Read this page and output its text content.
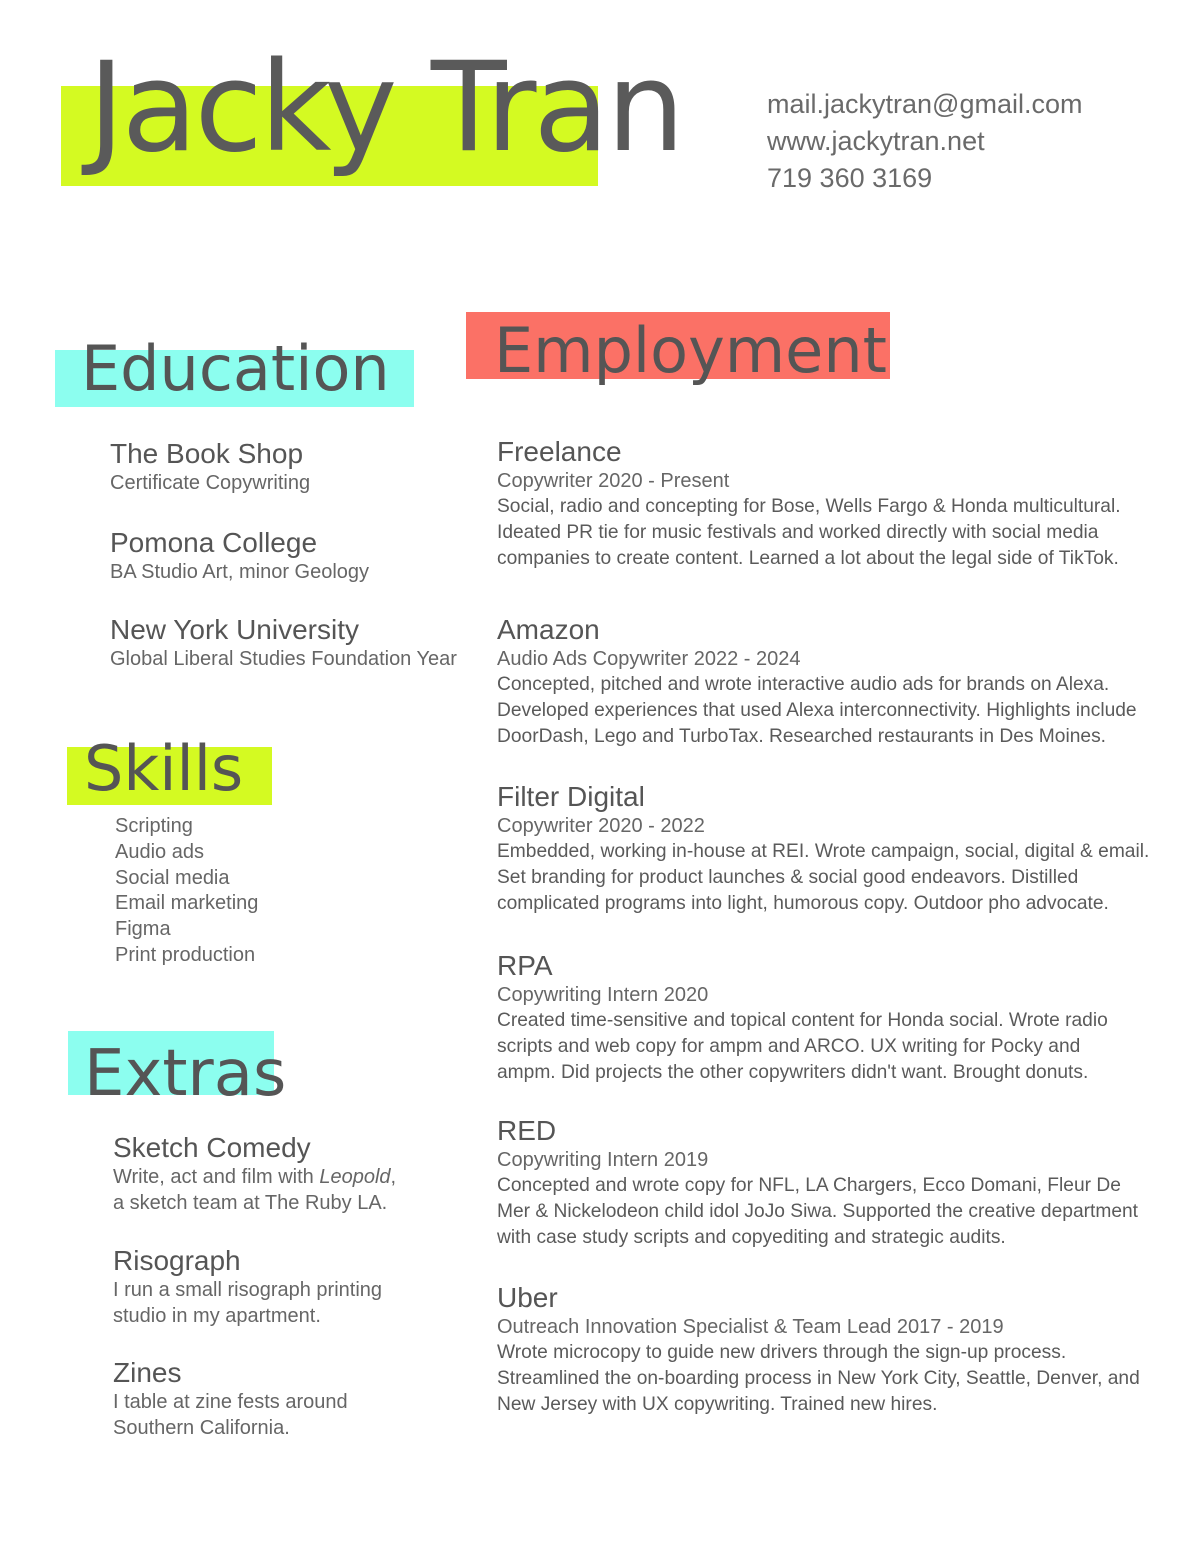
Jacky Tran	mail.jackytran@gmail.com
www.jackytran.net
719 360 3169
Education
The Book Shop
Certificate Copywriting
Pomona College
BA Studio Art, minor Geology
New York University
Global Liberal Studies Foundation Year
Skills
Scripting
Audio ads
Social media
Email marketing
Figma
Print production
Extras
Sketch Comedy
Write, act and film with Leopold,
a sketch team at The Ruby LA.
Risograph
I run a small risograph printing
studio in my apartment.
Zines
I table at zine fests around
Southern California.
Employment
Freelance
Copywriter 2020 - Present
Social, radio and concepting for Bose, Wells Fargo & Honda multicultural.
Ideated PR tie for music festivals and worked directly with social media
companies to create content. Learned a lot about the legal side of TikTok.
Amazon
Audio Ads Copywriter 2022 - 2024
Concepted, pitched and wrote interactive audio ads for brands on Alexa.
Developed experiences that used Alexa interconnectivity. Highlights include
DoorDash, Lego and TurboTax. Researched restaurants in Des Moines.
Filter Digital
Copywriter 2020 - 2022
Embedded, working in-house at REI. Wrote campaign, social, digital & email.
Set branding for product launches & social good endeavors. Distilled
complicated programs into light, humorous copy. Outdoor pho advocate.
RPA
Copywriting Intern 2020
Created time-sensitive and topical content for Honda social. Wrote radio
scripts and web copy for ampm and ARCO. UX writing for Pocky and
ampm. Did projects the other copywriters didn't want. Brought donuts.
RED
Copywriting Intern 2019
Concepted and wrote copy for NFL, LA Chargers, Ecco Domani, Fleur De
Mer & Nickelodeon child idol JoJo Siwa. Supported the creative department
with case study scripts and copyediting and strategic audits.
Uber
Outreach Innovation Specialist & Team Lead 2017 - 2019
Wrote microcopy to guide new drivers through the sign-up process.
Streamlined the on-boarding process in New York City, Seattle, Denver, and
New Jersey with UX copywriting. Trained new hires.
